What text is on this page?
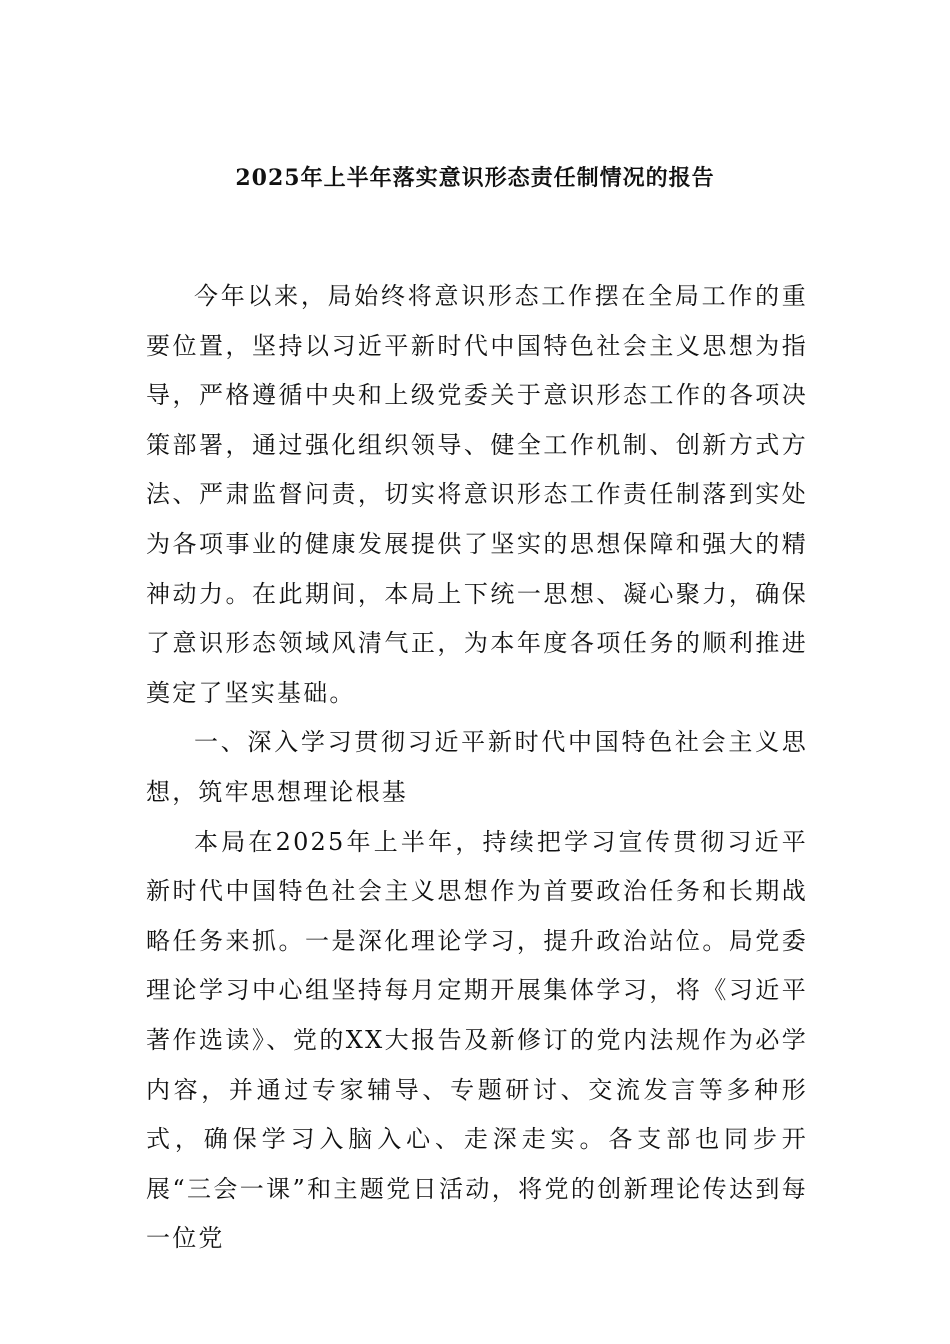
2025年上半年落实意识形态责任制情况的报告

今年以来，局始终将意识形态工作摆在全局工作的重要位置，坚持以习近平新时代中国特色社会主义思想为指导，严格遵循中央和上级党委关于意识形态工作的各项决策部署，通过强化组织领导、健全工作机制、创新方式方法、严肃监督问责，切实将意识形态工作责任制落到实处为各项事业的健康发展提供了坚实的思想保障和强大的精神动力。在此期间，本局上下统一思想、凝心聚力，确保了意识形态领域风清气正，为本年度各项任务的顺利推进奠定了坚实基础。

一、深入学习贯彻习近平新时代中国特色社会主义思想，筑牢思想理论根基

本局在2025年上半年，持续把学习宣传贯彻习近平新时代中国特色社会主义思想作为首要政治任务和长期战略任务来抓。一是深化理论学习，提升政治站位。局党委理论学习中心组坚持每月定期开展集体学习，将《习近平著作选读》、党的XX大报告及新修订的党内法规作为必学内容，并通过专家辅导、专题研讨、交流发言等多种形式，确保学习入脑入心、走深走实。各支部也同步开展“三会一课”和主题党日活动，将党的创新理论传达到每一位党
